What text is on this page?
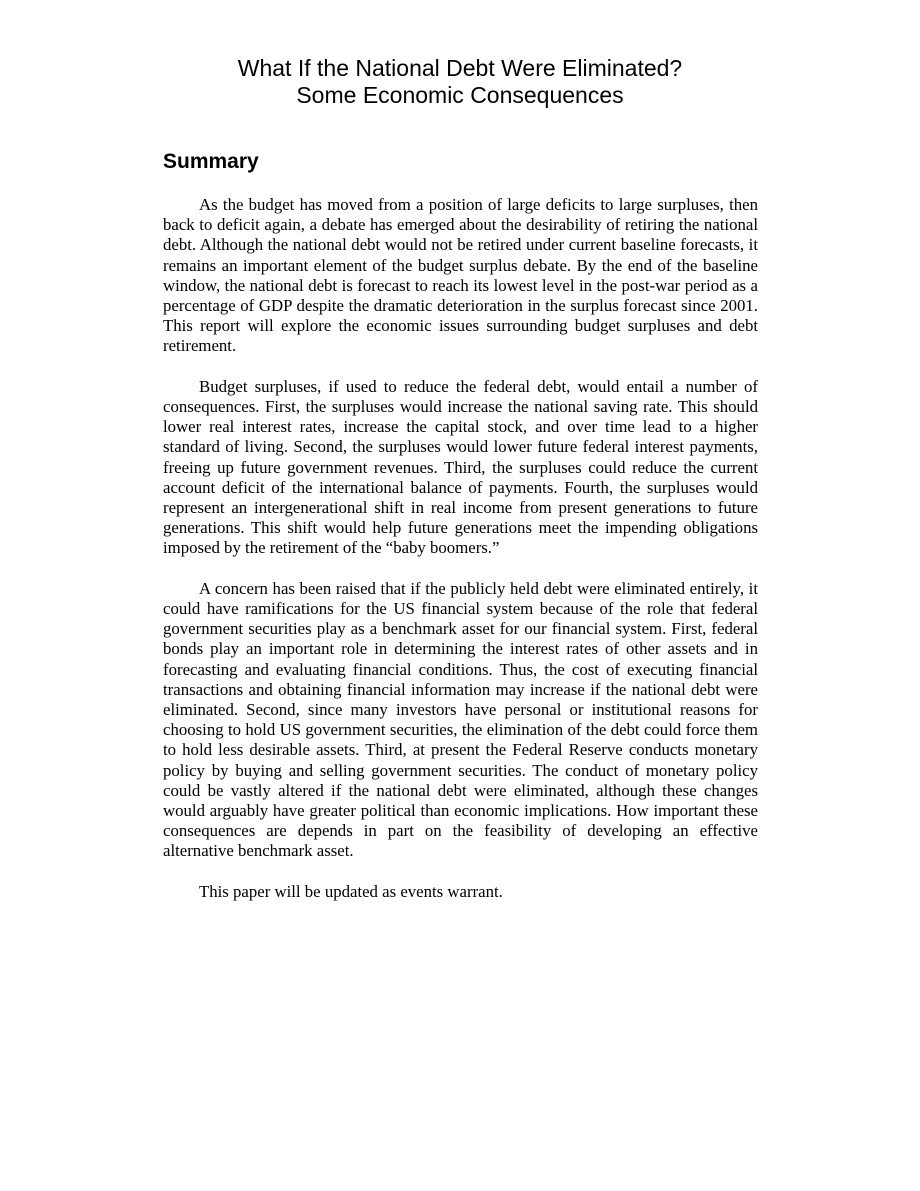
What If the National Debt Were Eliminated?
Some Economic Consequences
Summary

As the budget has moved from a position of large deficits to large surpluses, then back to deficit again, a debate has emerged about the desirability of retiring the national debt. Although the national debt would not be retired under current baseline forecasts, it remains an important element of the budget surplus debate. By the end of the baseline window, the national debt is forecast to reach its lowest level in the post-war period as a percentage of GDP despite the dramatic deterioration in the surplus forecast since 2001. This report will explore the economic issues surrounding budget surpluses and debt retirement.

Budget surpluses, if used to reduce the federal debt, would entail a number of consequences. First, the surpluses would increase the national saving rate. This should lower real interest rates, increase the capital stock, and over time lead to a higher standard of living. Second, the surpluses would lower future federal interest payments, freeing up future government revenues. Third, the surpluses could reduce the current account deficit of the international balance of payments. Fourth, the surpluses would represent an intergenerational shift in real income from present generations to future generations. This shift would help future generations meet the impending obligations imposed by the retirement of the “baby boomers.”

A concern has been raised that if the publicly held debt were eliminated entirely, it could have ramifications for the US financial system because of the role that federal government securities play as a benchmark asset for our financial system. First, federal bonds play an important role in determining the interest rates of other assets and in forecasting and evaluating financial conditions. Thus, the cost of executing financial transactions and obtaining financial information may increase if the national debt were eliminated. Second, since many investors have personal or institutional reasons for choosing to hold US government securities, the elimination of the debt could force them to hold less desirable assets. Third, at present the Federal Reserve conducts monetary policy by buying and selling government securities. The conduct of monetary policy could be vastly altered if the national debt were eliminated, although these changes would arguably have greater political than economic implications. How important these consequences are depends in part on the feasibility of developing an effective alternative benchmark asset.

This paper will be updated as events warrant.
